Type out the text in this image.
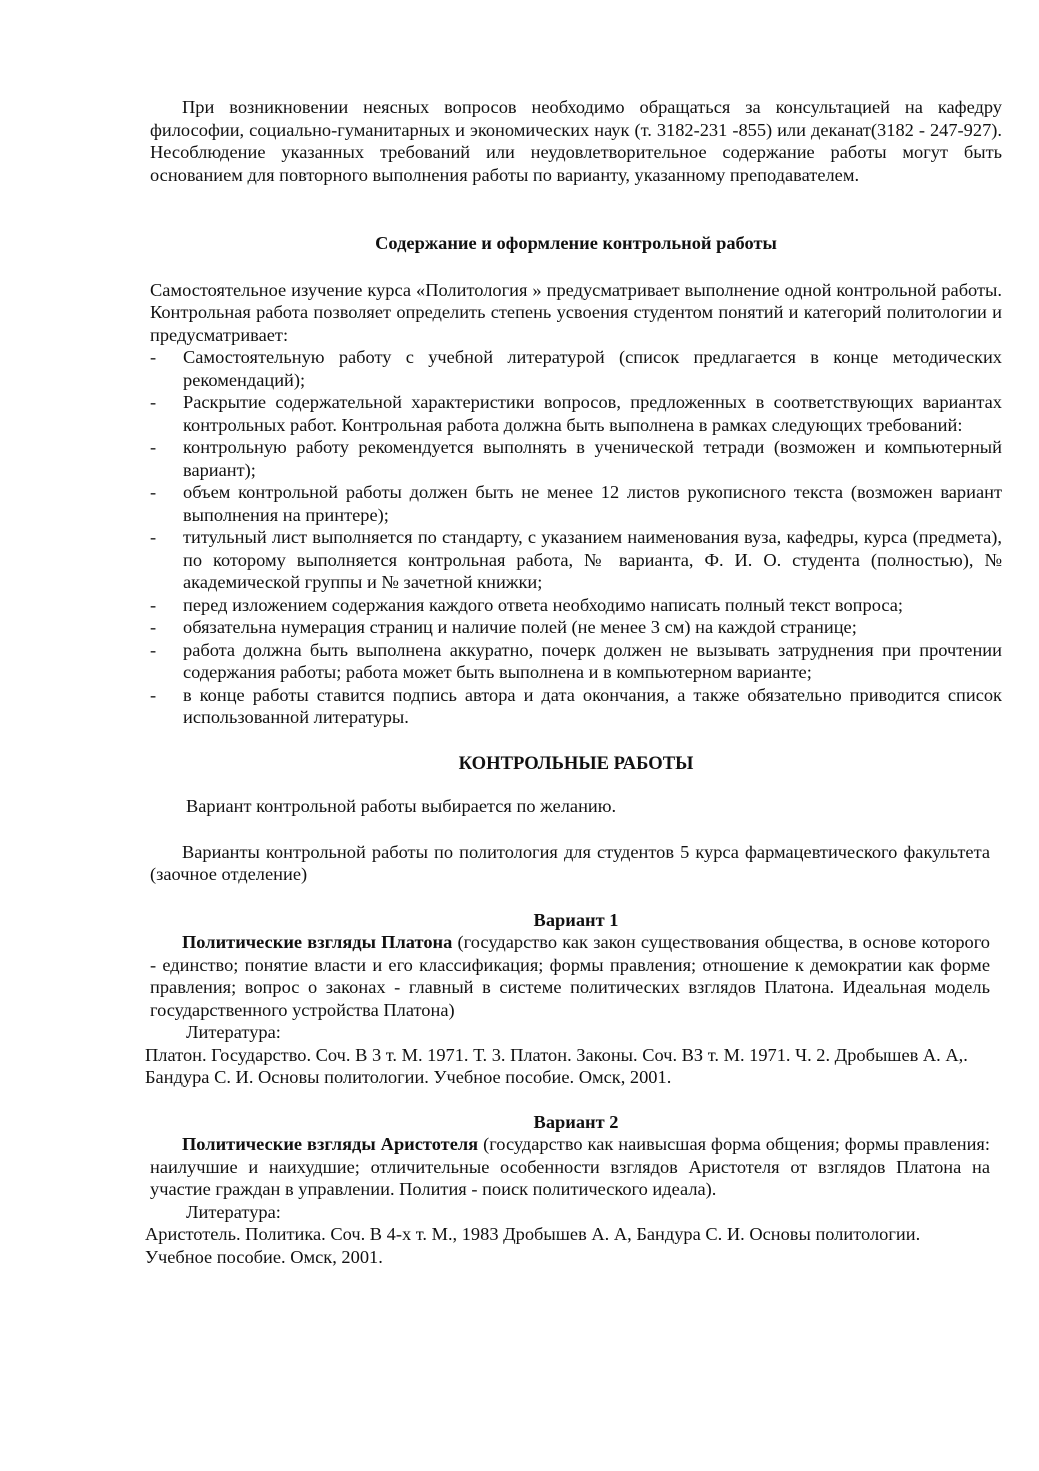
При возникновении неясных вопросов необходимо обращаться за консультацией на кафедру философии, социально-гуманитарных и экономических наук (т. 3182-231 -855) или деканат(3182 - 247-927). Несоблюдение указанных требований или неудовлетворительное содержание работы могут быть основанием для повторного выполнения работы по варианту, указанному преподавателем.

Содержание и оформление контрольной работы

Самостоятельное изучение курса «Политология » предусматривает выполнение одной контрольной работы. Контрольная работа позволяет определить степень усвоения студентом понятий и категорий политологии и предусматривает:

-	Самостоятельную работу с учебной литературой (список предлагается в конце методических рекомендаций);
-	Раскрытие содержательной характеристики вопросов, предложенных в соответствующих вариантах контрольных работ. Контрольная работа должна быть выполнена в рамках следующих требований:
-	контрольную работу рекомендуется выполнять в ученической тетради (возможен и компьютерный вариант);
-	объем контрольной работы должен быть не менее 12 листов рукописного текста (возможен вариант выполнения на принтере);
-	титульный лист выполняется по стандарту, с указанием наименования вуза, кафедры, курса (предмета), по которому выполняется контрольная работа, № варианта, Ф. И. О. студента (полностью), № академической группы и № зачетной книжки;
-	перед изложением содержания каждого ответа необходимо написать полный текст вопроса;
-	обязательна нумерация страниц и наличие полей (не менее 3 см) на каждой странице;
-	работа должна быть выполнена аккуратно, почерк должен не вызывать затруднения при прочтении содержания работы; работа может быть выполнена и в компьютерном варианте;
-	в конце работы ставится подпись автора и дата окончания, а также обязательно приводится список использованной литературы.

КОНТРОЛЬНЫЕ РАБОТЫ

Вариант контрольной работы выбирается по желанию.

Варианты контрольной работы по политология для студентов 5 курса фармацевтического факультета (заочное отделение)

Вариант 1

Политические взгляды Платона (государство как закон существования общества, в основе которого - единство; понятие власти и его классификация; формы правления; отношение к демократии как форме правления; вопрос о законах - главный в системе политических взглядов Платона. Идеальная модель государственного устройства Платона)

Литература:

Платон. Государство. Соч. В 3 т. М. 1971. Т. 3. Платон. Законы. Соч. ВЗ т. М. 1971. Ч. 2. Дробышев А. А,. Бандура С. И. Основы политологии. Учебное пособие. Омск, 2001.

Вариант 2

Политические взгляды Аристотеля (государство как наивысшая форма общения; формы правления: наилучшие и наихудшие; отличительные особенности взглядов Аристотеля от взглядов Платона на участие граждан в управлении. Полития - поиск политического идеала).

Литература:

Аристотель. Политика. Соч. В 4-х т. М., 1983 Дробышев А. А, Бандура С. И. Основы политологии. Учебное пособие. Омск, 2001.
